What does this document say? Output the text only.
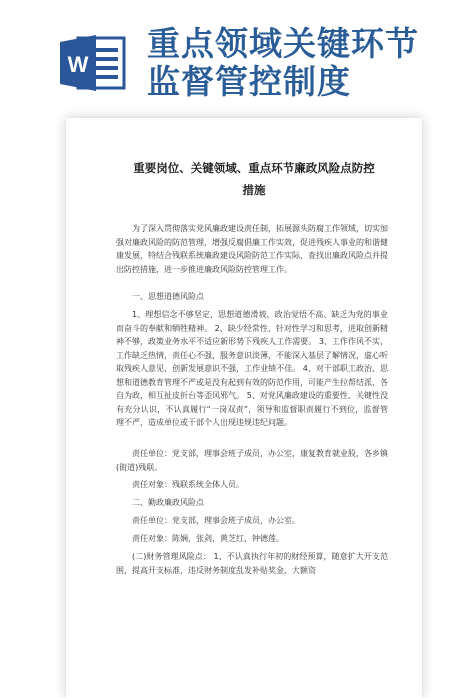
W
重点领域关键环节
监督管控制度
重要岗位、关键领域、重点环节廉政风险点防控
措施

为了深入贯彻落实党风廉政建设责任制，拓展源头防腐工作领域，切实加强对廉政风险的防范管理，增强反腐倡廉工作实效，促进残疾人事业的和谐健康发展，特结合残联系统廉政建设风险防范工作实际，查找出廉政风险点并提出防控措施，进一步推进廉政风险防控管理工作。

一、思想道德风险点

1、理想信念不够坚定，思想道德滑坡，政治觉悟不高、缺乏为党的事业而奋斗的奉献和牺牲精神。 2、缺少经常性、针对性学习和思考，进取创新精神不够，政策业务水平不适应新形势下残疾人工作需要。 3、工作作风不实，工作缺乏热情，责任心不强，服务意识淡薄，不能深入基层了解情况，虚心听取残疾人意见，创新发展意识不强，工作业绩不佳。 4、对干部职工政治、思想和道德教育管理不严或是没有起到有效的防范作用，可能产生拉帮结派，各自为政，相互扯皮折台等歪风邪气。 5、对党风廉政建设的重要性、关键性没有充分认识，不认真履行“一岗双责”，领导和监督职责履行不到位，监督管理不严，造成单位或干部个人出现违规违纪问题。

责任单位：党支部，理事会班子成员，办公室，康复教育就业股，各乡镇(街道)残联。

责任对象：残联系统全体人员。

二、勤政廉政风险点

责任单位：党支部，理事会班子成员，办公室。

责任对象：陈娴，张剑，黄芝红，钟德莲。

(二)财务管理风险点： 1、不认真执行年初的财经预算，随意扩大开支范围，提高开支标准，违反财务制度乱发补贴奖金，大额资
